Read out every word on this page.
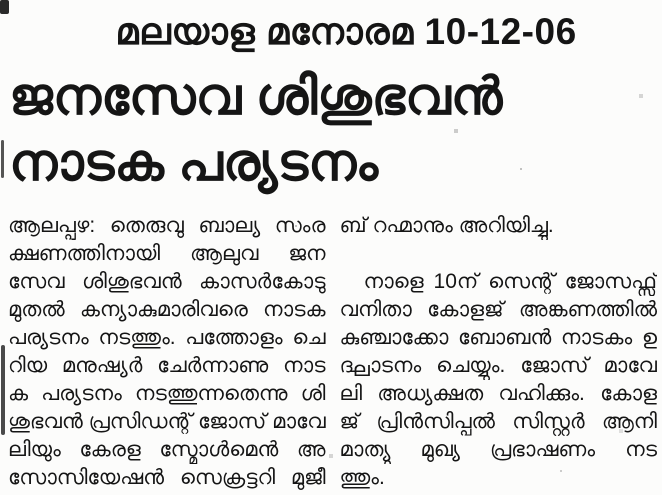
മലയാള മനോരമ 10-12-06
ജനസേവ ശിശുഭവൻ
നാടക പര്യടനം
ആലപ്പുഴ: തെരുവു ബാല്യ സംര
ക്ഷണത്തിനായി ആലുവ ജന
സേവ ശിശുഭവൻ കാസർകോടു
മുതൽ കന്യാകുമാരിവരെ നാടക
പര്യടനം നടത്തും. പത്തോളം ചെ
റിയ മനുഷ്യർ ചേർന്നാണു നാട
ക പര്യടനം നടത്തുന്നതെന്നു ശി
ശുഭവൻ പ്രസിഡന്റ് ജോസ് മാവേ
ലിയും കേരള സ്മോൾമെൻ അ
സോസിയേഷൻ സെക്രട്ടറി മുജീ
ബ് റഹ്മാനും അറിയിച്ചു.
നാളെ 10ന് സെന്റ് ജോസഫ്സ്
വനിതാ കോളജ് അങ്കണത്തിൽ
കുഞ്ചാക്കോ ബോബൻ നാടകം ഉ
ദ്ഘാടനം ചെയ്യും. ജോസ് മാവേ
ലി അധ്യക്ഷത വഹിക്കും. കോള
ജ് പ്രിൻസിപ്പൽ സിസ്റ്റർ ആനി
മാത്യു മുഖ്യ പ്രഭാഷണം നട
ത്തും.
